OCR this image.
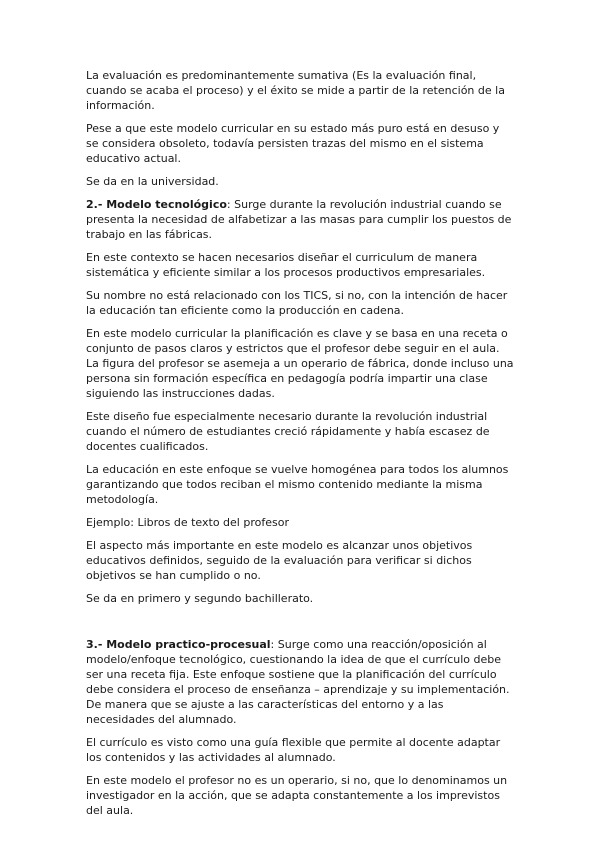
La evaluación es predominantemente sumativa (Es la evaluación final, cuando se acaba el proceso) y el éxito se mide a partir de la retención de la información.

Pese a que este modelo curricular en su estado más puro está en desuso y se considera obsoleto, todavía persisten trazas del mismo en el sistema educativo actual.

Se da en la universidad.

2.- Modelo tecnológico: Surge durante la revolución industrial cuando se presenta la necesidad de alfabetizar a las masas para cumplir los puestos de trabajo en las fábricas.

En este contexto se hacen necesarios diseñar el curriculum de manera sistemática y eficiente similar a los procesos productivos empresariales.

Su nombre no está relacionado con los TICS, si no, con la intención de hacer la educación tan eficiente como la producción en cadena.

En este modelo curricular la planificación es clave y se basa en una receta o conjunto de pasos claros y estrictos que el profesor debe seguir en el aula. La figura del profesor se asemeja a un operario de fábrica, donde incluso una persona sin formación específica en pedagogía podría impartir una clase siguiendo las instrucciones dadas.

Este diseño fue especialmente necesario durante la revolución industrial cuando el número de estudiantes creció rápidamente y había escasez de docentes cualificados.

La educación en este enfoque se vuelve homogénea para todos los alumnos garantizando que todos reciban el mismo contenido mediante la misma metodología.

Ejemplo: Libros de texto del profesor

El aspecto más importante en este modelo es alcanzar unos objetivos educativos definidos, seguido de la evaluación para verificar si dichos objetivos se han cumplido o no.

Se da en primero y segundo bachillerato.

3.- Modelo practico-procesual: Surge como una reacción/oposición al modelo/enfoque tecnológico, cuestionando la idea de que el currículo debe ser una receta fija. Este enfoque sostiene que la planificación del currículo debe considera el proceso de enseñanza – aprendizaje y su implementación. De manera que se ajuste a las características del entorno y a las necesidades del alumnado.

El currículo es visto como una guía flexible que permite al docente adaptar los contenidos y las actividades al alumnado.

En este modelo el profesor no es un operario, si no, que lo denominamos un investigador en la acción, que se adapta constantemente a los imprevistos del aula.
